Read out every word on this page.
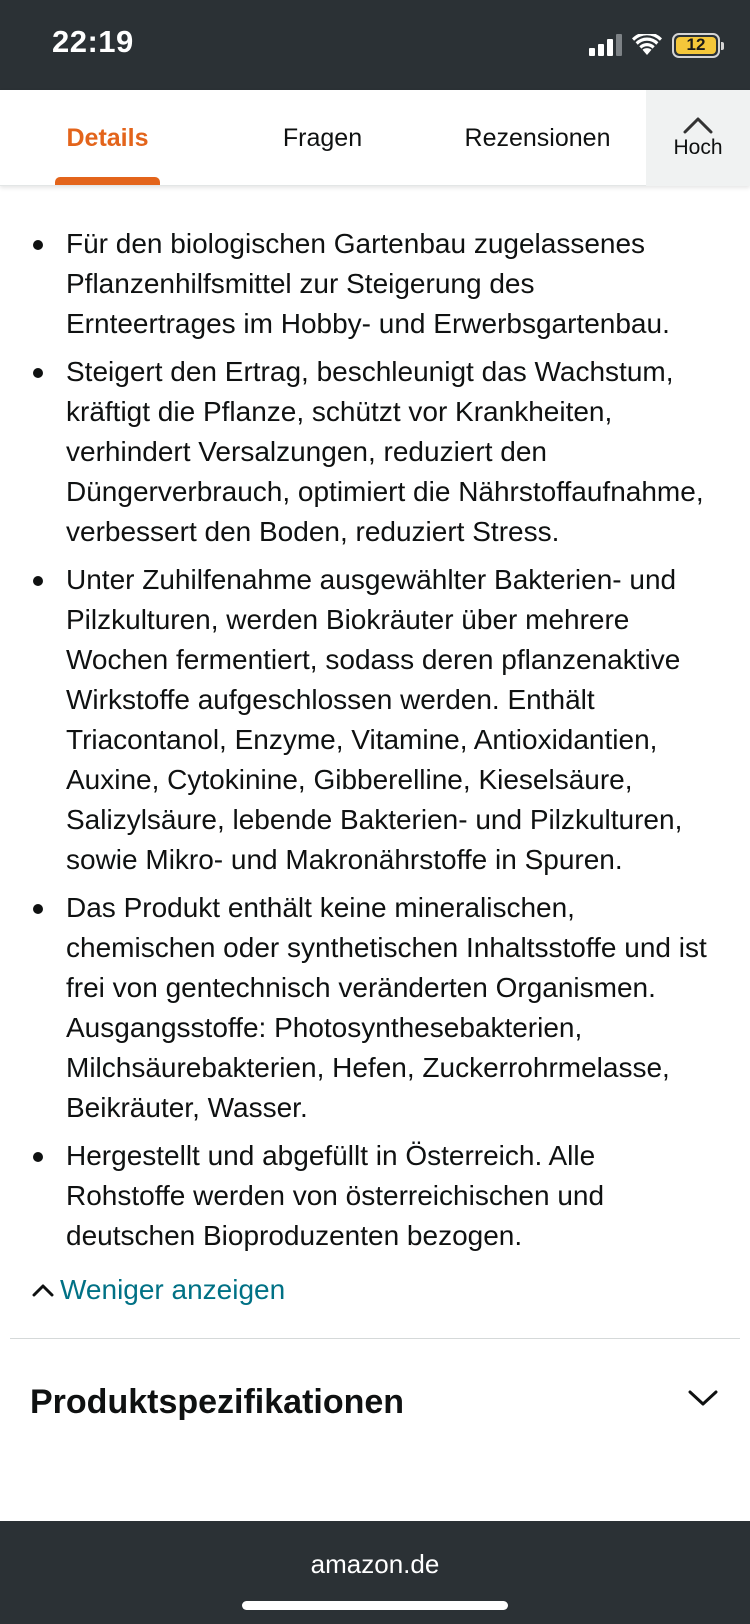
22:19	12
Details	Fragen	Rezensionen	Hoch
Für den biologischen Gartenbau zugelassenes Pflanzenhilfsmittel zur Steigerung des Ernteertrages im Hobby- und Erwerbsgartenbau.
Steigert den Ertrag, beschleunigt das Wachstum, kräftigt die Pflanze, schützt vor Krankheiten, verhindert Versalzungen, reduziert den Düngerverbrauch, optimiert die Nährstoffaufnahme, verbessert den Boden, reduziert Stress.
Unter Zuhilfenahme ausgewählter Bakterien- und Pilzkulturen, werden Biokräuter über mehrere Wochen fermentiert, sodass deren pflanzenaktive Wirkstoffe aufgeschlossen werden. Enthält Triacontanol, Enzyme, Vitamine, Antioxidantien, Auxine, Cytokinine, Gibberelline, Kieselsäure, Salizylsäure, lebende Bakterien- und Pilzkulturen, sowie Mikro- und Makronährstoffe in Spuren.
Das Produkt enthält keine mineralischen, chemischen oder synthetischen Inhaltsstoffe und ist frei von gentechnisch veränderten Organismen. Ausgangsstoffe: Photosynthesebakterien, Milchsäurebakterien, Hefen, Zuckerrohrmelasse, Beikräuter, Wasser.
Hergestellt und abgefüllt in Österreich. Alle Rohstoffe werden von österreichischen und deutschen Bioproduzenten bezogen.
Weniger anzeigen
Produktspezifikationen
amazon.de
